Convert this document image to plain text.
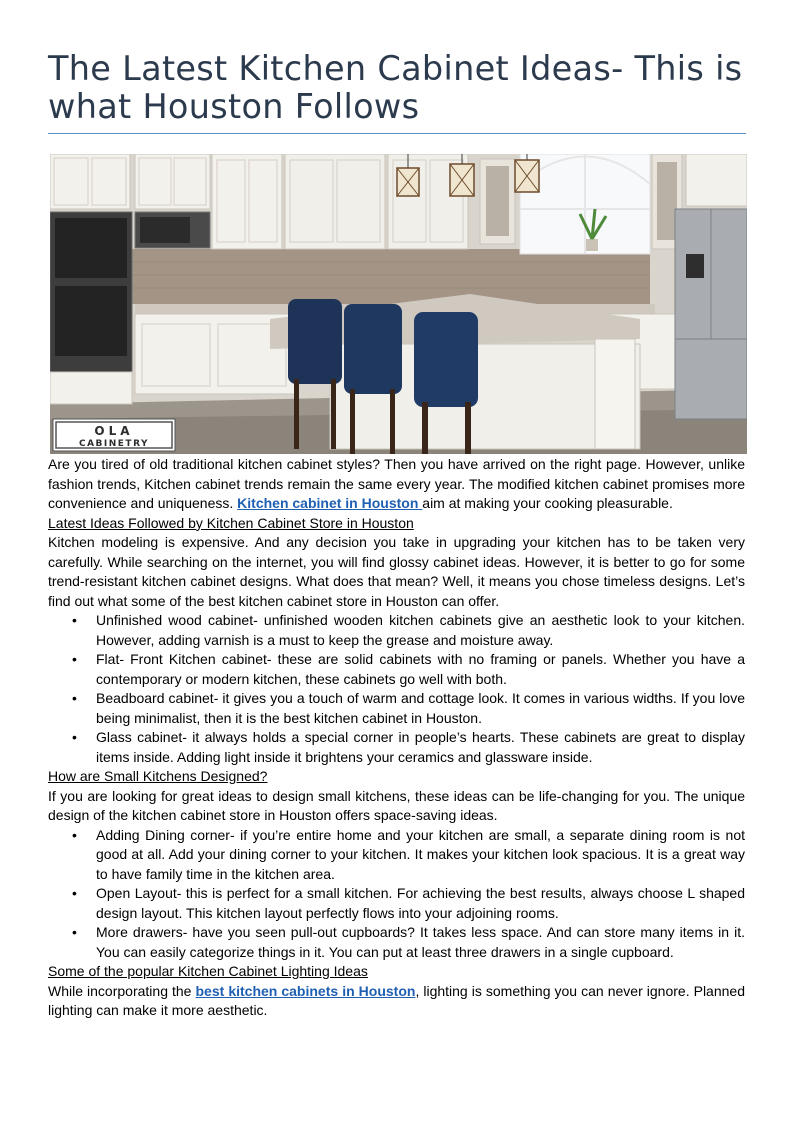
The Latest Kitchen Cabinet Ideas- This is what Houston Follows
OLA
CABINETRY

Are you tired of old traditional kitchen cabinet styles? Then you have arrived on the right page. However, unlike fashion trends, Kitchen cabinet trends remain the same every year. The modified kitchen cabinet promises more convenience and uniqueness. Kitchen cabinet in Houston aim at making your cooking pleasurable.

Latest Ideas Followed by Kitchen Cabinet Store in Houston

Kitchen modeling is expensive. And any decision you take in upgrading your kitchen has to be taken very carefully. While searching on the internet, you will find glossy cabinet ideas. However, it is better to go for some trend-resistant kitchen cabinet designs. What does that mean? Well, it means you chose timeless designs. Let’s find out what some of the best kitchen cabinet store in Houston can offer.

• Unfinished wood cabinet- unfinished wooden kitchen cabinets give an aesthetic look to your kitchen. However, adding varnish is a must to keep the grease and moisture away.
• Flat- Front Kitchen cabinet- these are solid cabinets with no framing or panels. Whether you have a contemporary or modern kitchen, these cabinets go well with both.
• Beadboard cabinet- it gives you a touch of warm and cottage look. It comes in various widths. If you love being minimalist, then it is the best kitchen cabinet in Houston.
• Glass cabinet- it always holds a special corner in people’s hearts. These cabinets are great to display items inside. Adding light inside it brightens your ceramics and glassware inside.

How are Small Kitchens Designed?

If you are looking for great ideas to design small kitchens, these ideas can be life-changing for you. The unique design of the kitchen cabinet store in Houston offers space-saving ideas.

• Adding Dining corner- if you’re entire home and your kitchen are small, a separate dining room is not good at all. Add your dining corner to your kitchen. It makes your kitchen look spacious. It is a great way to have family time in the kitchen area.
• Open Layout- this is perfect for a small kitchen. For achieving the best results, always choose L shaped design layout. This kitchen layout perfectly flows into your adjoining rooms.
• More drawers- have you seen pull-out cupboards? It takes less space. And can store many items in it. You can easily categorize things in it. You can put at least three drawers in a single cupboard.

Some of the popular Kitchen Cabinet Lighting Ideas

While incorporating the best kitchen cabinets in Houston, lighting is something you can never ignore. Planned lighting can make it more aesthetic.
